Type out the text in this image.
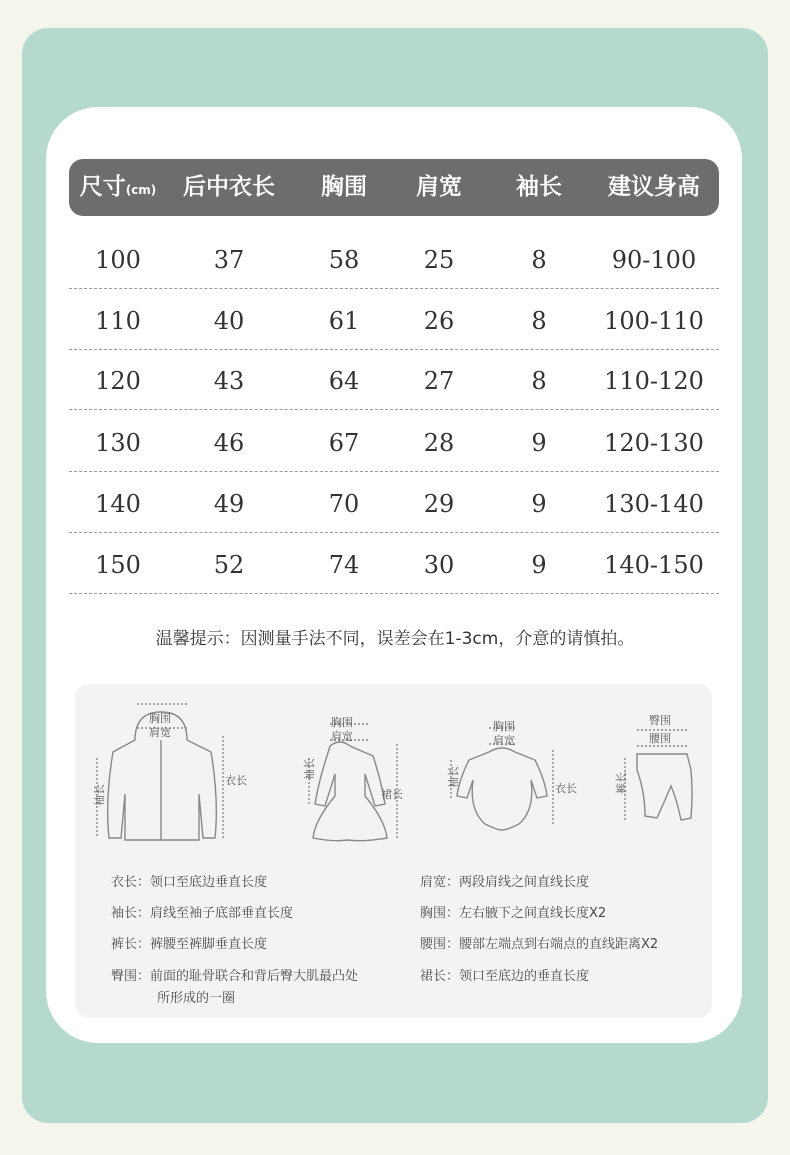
尺寸(cm)	后中衣长	胸围	肩宽	袖长	建议身高
100	37	58	25	8	90-100
110	40	61	26	8	100-110
120	43	64	27	8	110-120
130	46	67	28	9	120-130
140	49	70	29	9	130-140
150	52	74	30	9	140-150
温馨提示：因测量手法不同，误差会在1-3cm，介意的请慎拍。
胸围
肩宽
袖长
衣长
胸围
肩宽
袖长
裙长
胸围
肩宽
袖长
衣长
臀围
腰围
裤长
衣长：领口至底边垂直长度
袖长：肩线至袖子底部垂直长度
裤长：裤腰至裤脚垂直长度
臀围：前面的耻骨联合和背后臀大肌最凸处
所形成的一圈
肩宽：两段肩线之间直线长度
胸围：左右腋下之间直线长度X2
腰围：腰部左端点到右端点的直线距离X2
裙长：领口至底边的垂直长度
